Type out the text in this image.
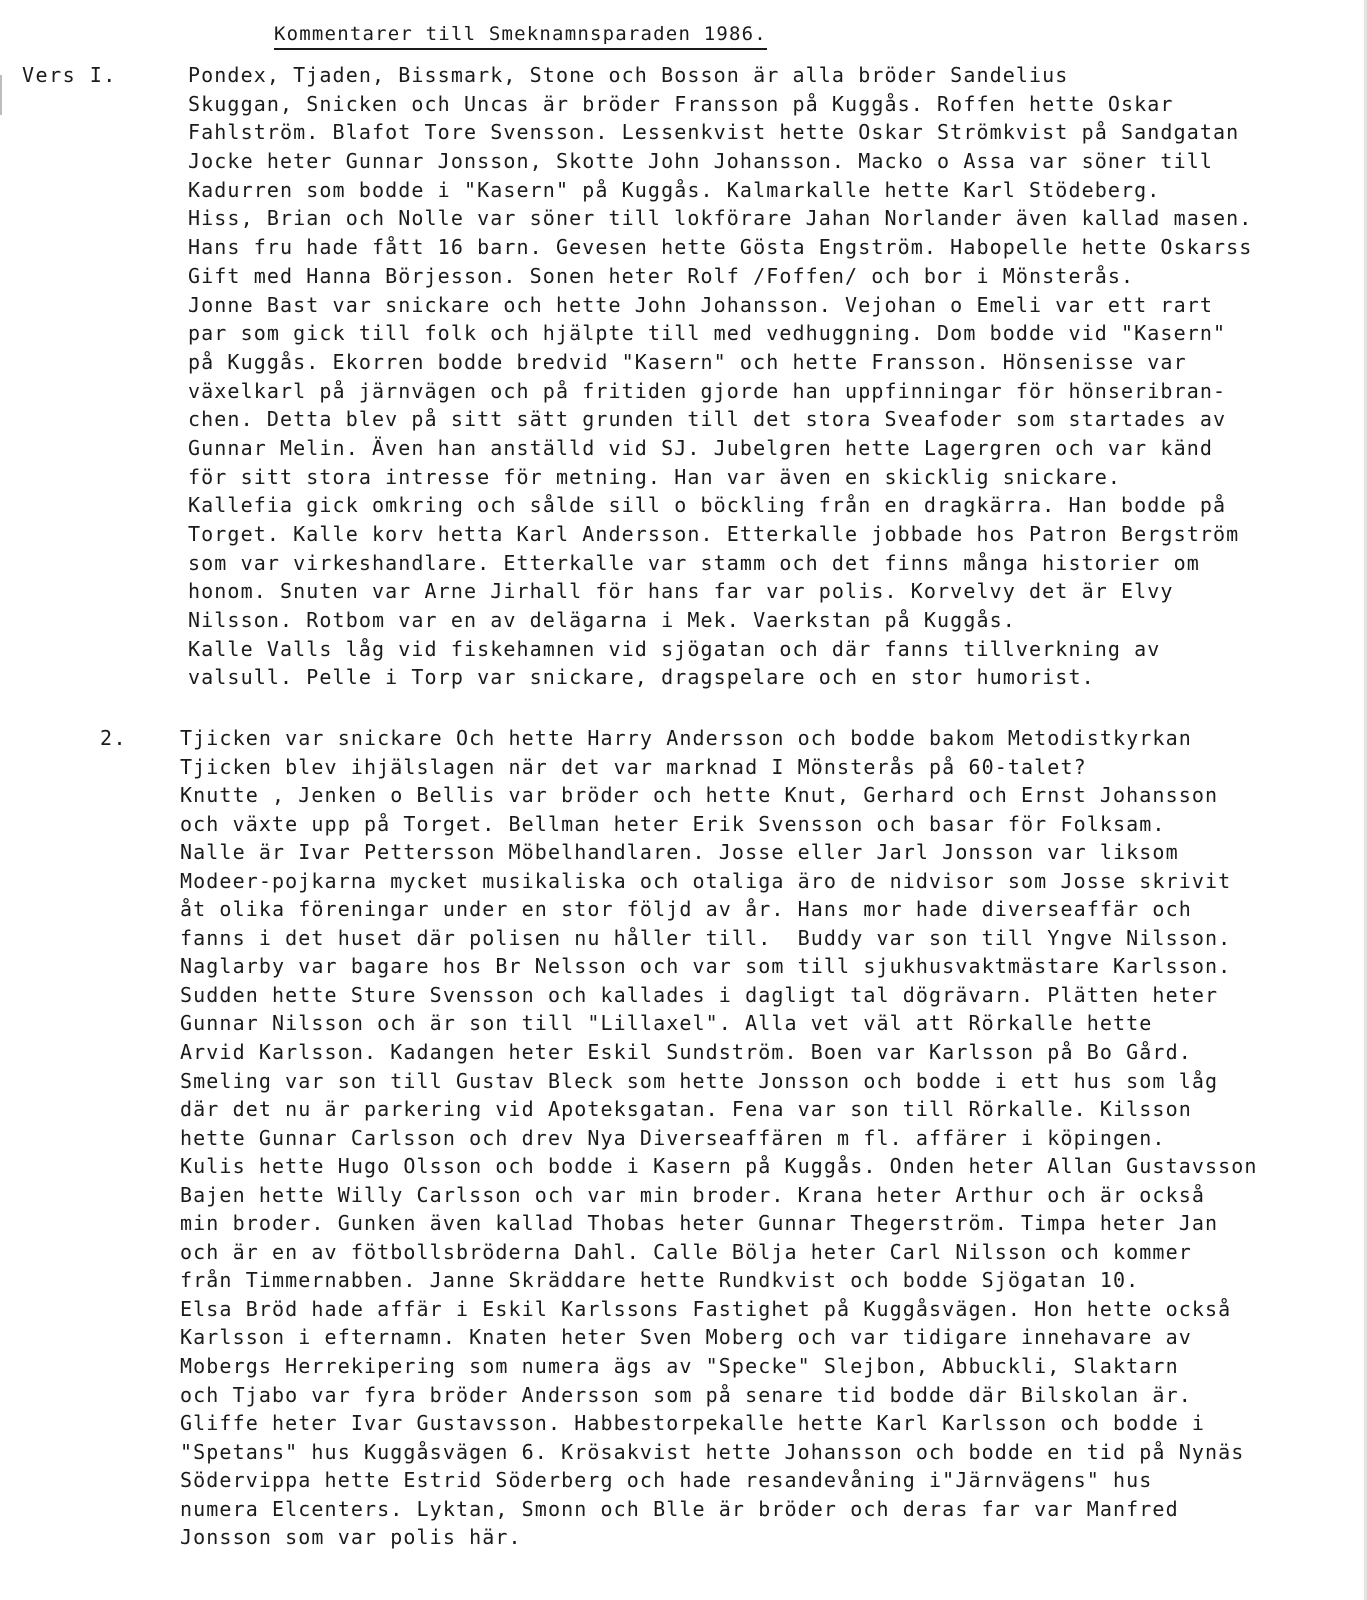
Kommentarer till Smeknamnsparaden 1986.
Vers I.	Pondex, Tjaden, Bissmark, Stone och Bosson är alla bröder Sandelius
Skuggan, Snicken och Uncas är bröder Fransson på Kuggås. Roffen hette Oskar
Fahlström. Blafot Tore Svensson. Lessenkvist hette Oskar Strömkvist på Sandgatan
Jocke heter Gunnar Jonsson, Skotte John Johansson. Macko o Assa var söner till
Kadurren som bodde i "Kasern" på Kuggås. Kalmarkalle hette Karl Stödeberg.
Hiss, Brian och Nolle var söner till lokförare Jahan Norlander även kallad masen.
Hans fru hade fått 16 barn. Gevesen hette Gösta Engström. Habopelle hette Oskarss
Gift med Hanna Börjesson. Sonen heter Rolf /Foffen/ och bor i Mönsterås.
Jonne Bast var snickare och hette John Johansson. Vejohan o Emeli var ett rart
par som gick till folk och hjälpte till med vedhuggning. Dom bodde vid "Kasern"
på Kuggås. Ekorren bodde bredvid "Kasern" och hette Fransson. Hönsenisse var
växelkarl på järnvägen och på fritiden gjorde han uppfinningar för hönseribran-
chen. Detta blev på sitt sätt grunden till det stora Sveafoder som startades av
Gunnar Melin. Även han anställd vid SJ. Jubelgren hette Lagergren och var känd
för sitt stora intresse för metning. Han var även en skicklig snickare.
Kallefia gick omkring och sålde sill o böckling från en dragkärra. Han bodde på
Torget. Kalle korv hetta Karl Andersson. Etterkalle jobbade hos Patron Bergström
som var virkeshandlare. Etterkalle var stamm och det finns många historier om
honom. Snuten var Arne Jirhall för hans far var polis. Korvelvy det är Elvy
Nilsson. Rotbom var en av delägarna i Mek. Vaerkstan på Kuggås.
Kalle Valls låg vid fiskehamnen vid sjögatan och där fanns tillverkning av
valsull. Pelle i Torp var snickare, dragspelare och en stor humorist.
2.	Tjicken var snickare Och hette Harry Andersson och bodde bakom Metodistkyrkan
Tjicken blev ihjälslagen när det var marknad I Mönsterås på 60-talet?
Knutte , Jenken o Bellis var bröder och hette Knut, Gerhard och Ernst Johansson
och växte upp på Torget. Bellman heter Erik Svensson och basar för Folksam.
Nalle är Ivar Pettersson Möbelhandlaren. Josse eller Jarl Jonsson var liksom
Modeer-pojkarna mycket musikaliska och otaliga äro de nidvisor som Josse skrivit
åt olika föreningar under en stor följd av år. Hans mor hade diverseaffär och
fanns i det huset där polisen nu håller till.  Buddy var son till Yngve Nilsson.
Naglarby var bagare hos Br Nelsson och var som till sjukhusvaktmästare Karlsson.
Sudden hette Sture Svensson och kallades i dagligt tal dögrävarn. Plätten heter
Gunnar Nilsson och är son till "Lillaxel". Alla vet väl att Rörkalle hette
Arvid Karlsson. Kadangen heter Eskil Sundström. Boen var Karlsson på Bo Gård.
Smeling var son till Gustav Bleck som hette Jonsson och bodde i ett hus som låg
där det nu är parkering vid Apoteksgatan. Fena var son till Rörkalle. Kilsson
hette Gunnar Carlsson och drev Nya Diverseaffären m fl. affärer i köpingen.
Kulis hette Hugo Olsson och bodde i Kasern på Kuggås. Onden heter Allan Gustavsson
Bajen hette Willy Carlsson och var min broder. Krana heter Arthur och är också
min broder. Gunken även kallad Thobas heter Gunnar Thegerström. Timpa heter Jan
och är en av fötbollsbröderna Dahl. Calle Bölja heter Carl Nilsson och kommer
från Timmernabben. Janne Skräddare hette Rundkvist och bodde Sjögatan 10.
Elsa Bröd hade affär i Eskil Karlssons Fastighet på Kuggåsvägen. Hon hette också
Karlsson i efternamn. Knaten heter Sven Moberg och var tidigare innehavare av
Mobergs Herrekipering som numera ägs av "Specke" Slejbon, Abbuckli, Slaktarn
och Tjabo var fyra bröder Andersson som på senare tid bodde där Bilskolan är.
Gliffe heter Ivar Gustavsson. Habbestorpekalle hette Karl Karlsson och bodde i
"Spetans" hus Kuggåsvägen 6. Krösakvist hette Johansson och bodde en tid på Nynäs
Södervippa hette Estrid Söderberg och hade resandevåning i"Järnvägens" hus
numera Elcenters. Lyktan, Smonn och Blle är bröder och deras far var Manfred
Jonsson som var polis här.
